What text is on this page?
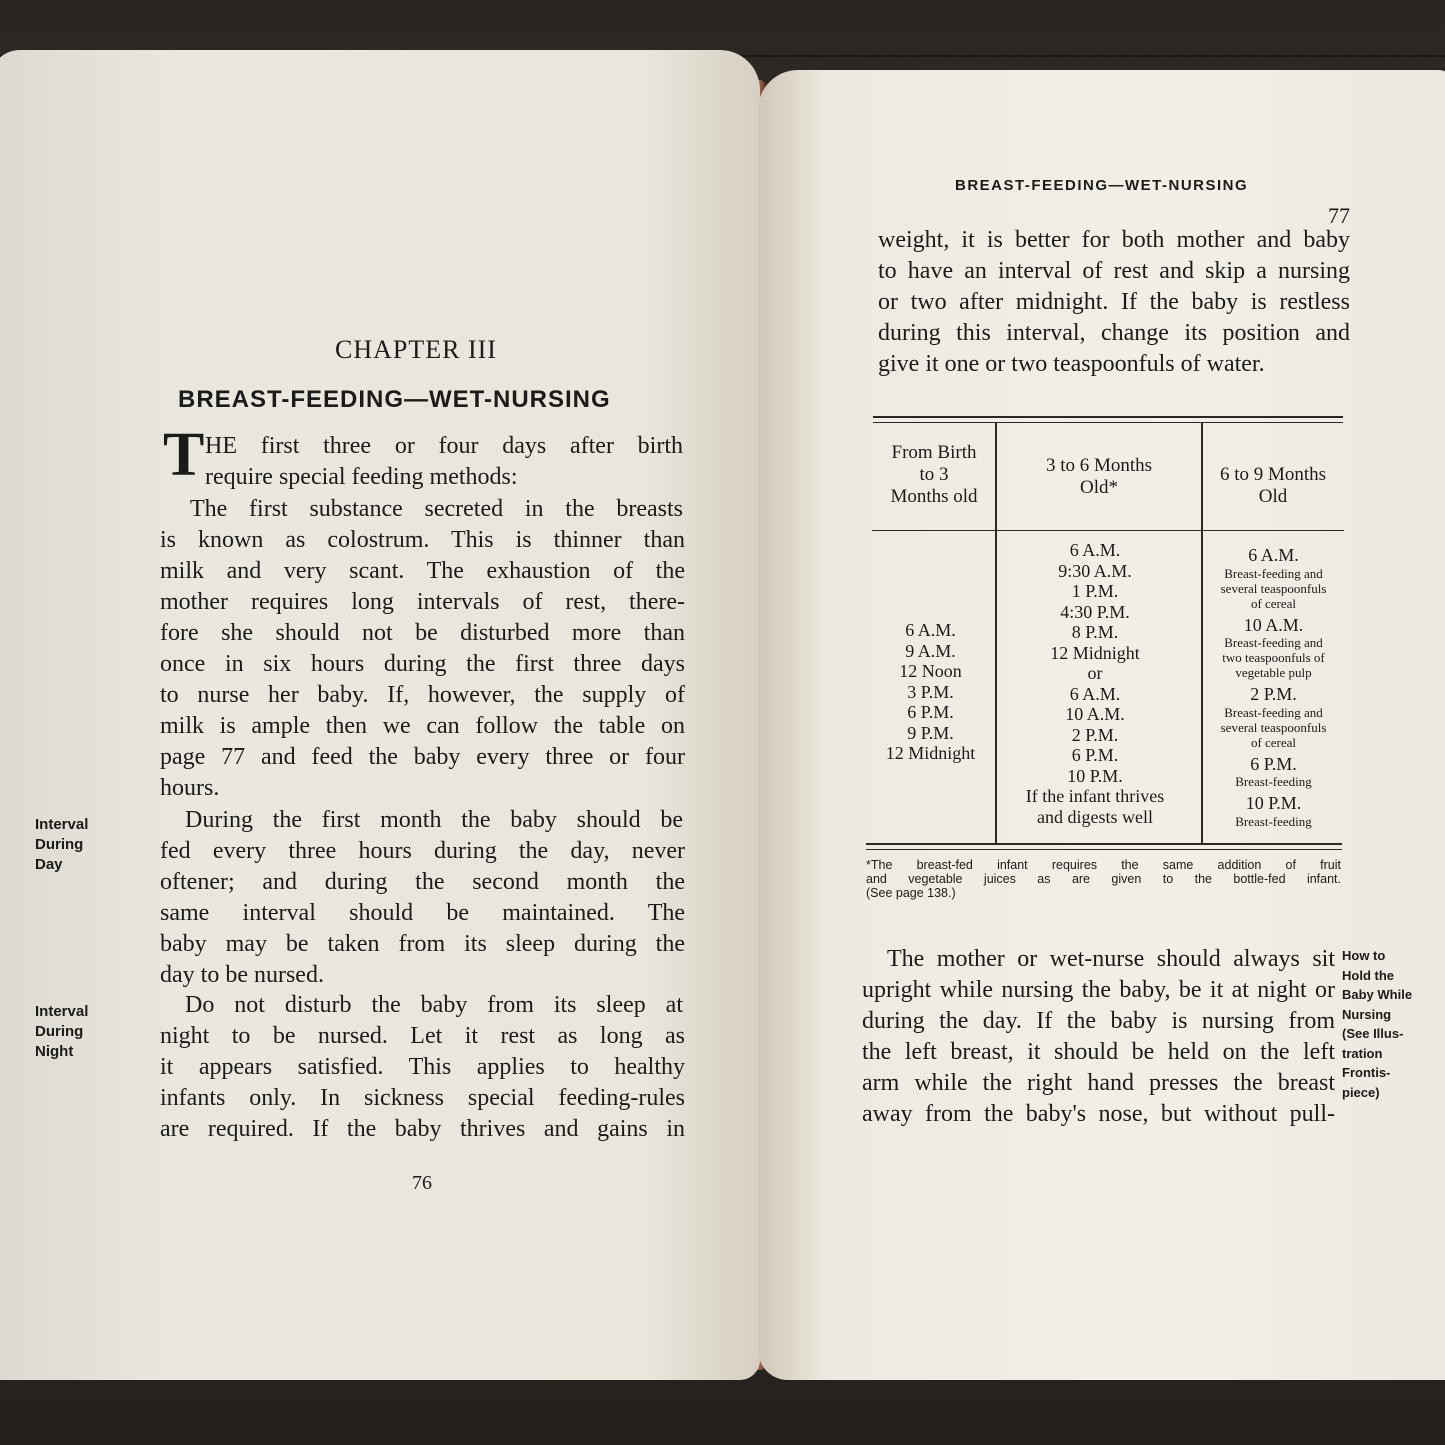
CHAPTER III
BREAST-FEEDING—WET-NURSING
T HE first three or four days after birth
require special feeding methods:
The first substance secreted in the breasts
is known as colostrum. This is thinner than
milk and very scant. The exhaustion of the
mother requires long intervals of rest, there-
fore she should not be disturbed more than
once in six hours during the first three days
to nurse her baby. If, however, the supply of
milk is ample then we can follow the table on
page 77 and feed the baby every three or four
hours.
During the first month the baby should be
fed every three hours during the day, never
oftener; and during the second month the
same interval should be maintained. The
baby may be taken from its sleep during the
day to be nursed.
Do not disturb the baby from its sleep at
night to be nursed. Let it rest as long as
it appears satisfied. This applies to healthy
infants only. In sickness special feeding-rules
are required. If the baby thrives and gains in
Interval
During
Day
Interval
During
Night
76
BREAST-FEEDING—WET-NURSING
77
weight, it is better for both mother and baby
to have an interval of rest and skip a nursing
or two after midnight. If the baby is restless
during this interval, change its position and
give it one or two teaspoonfuls of water.
From Birth
to 3
Months old
3 to 6 Months
Old*
6 to 9 Months
Old
6 A.M.
9 A.M.
12 Noon
3 P.M.
6 P.M.
9 P.M.
12 Midnight
6 A.M.
9:30 A.M.
1 P.M.
4:30 P.M.
8 P.M.
12 Midnight
or
6 A.M.
10 A.M.
2 P.M.
6 P.M.
10 P.M.
If the infant thrives
and digests well
6 A.M.
Breast-feeding and
several teaspoonfuls
of cereal
10 A.M.
Breast-feeding and
two teaspoonfuls of
vegetable pulp
2 P.M.
Breast-feeding and
several teaspoonfuls
of cereal
6 P.M.
Breast-feeding
10 P.M.
Breast-feeding
*The breast-fed infant requires the same addition of fruit
and vegetable juices as are given to the bottle-fed infant.
(See page 138.)
The mother or wet-nurse should always sit
upright while nursing the baby, be it at night or
during the day. If the baby is nursing from
the left breast, it should be held on the left
arm while the right hand presses the breast
away from the baby's nose, but without pull-
How to
Hold the
Baby While
Nursing
(See Illus-
tration
Frontis-
piece)
